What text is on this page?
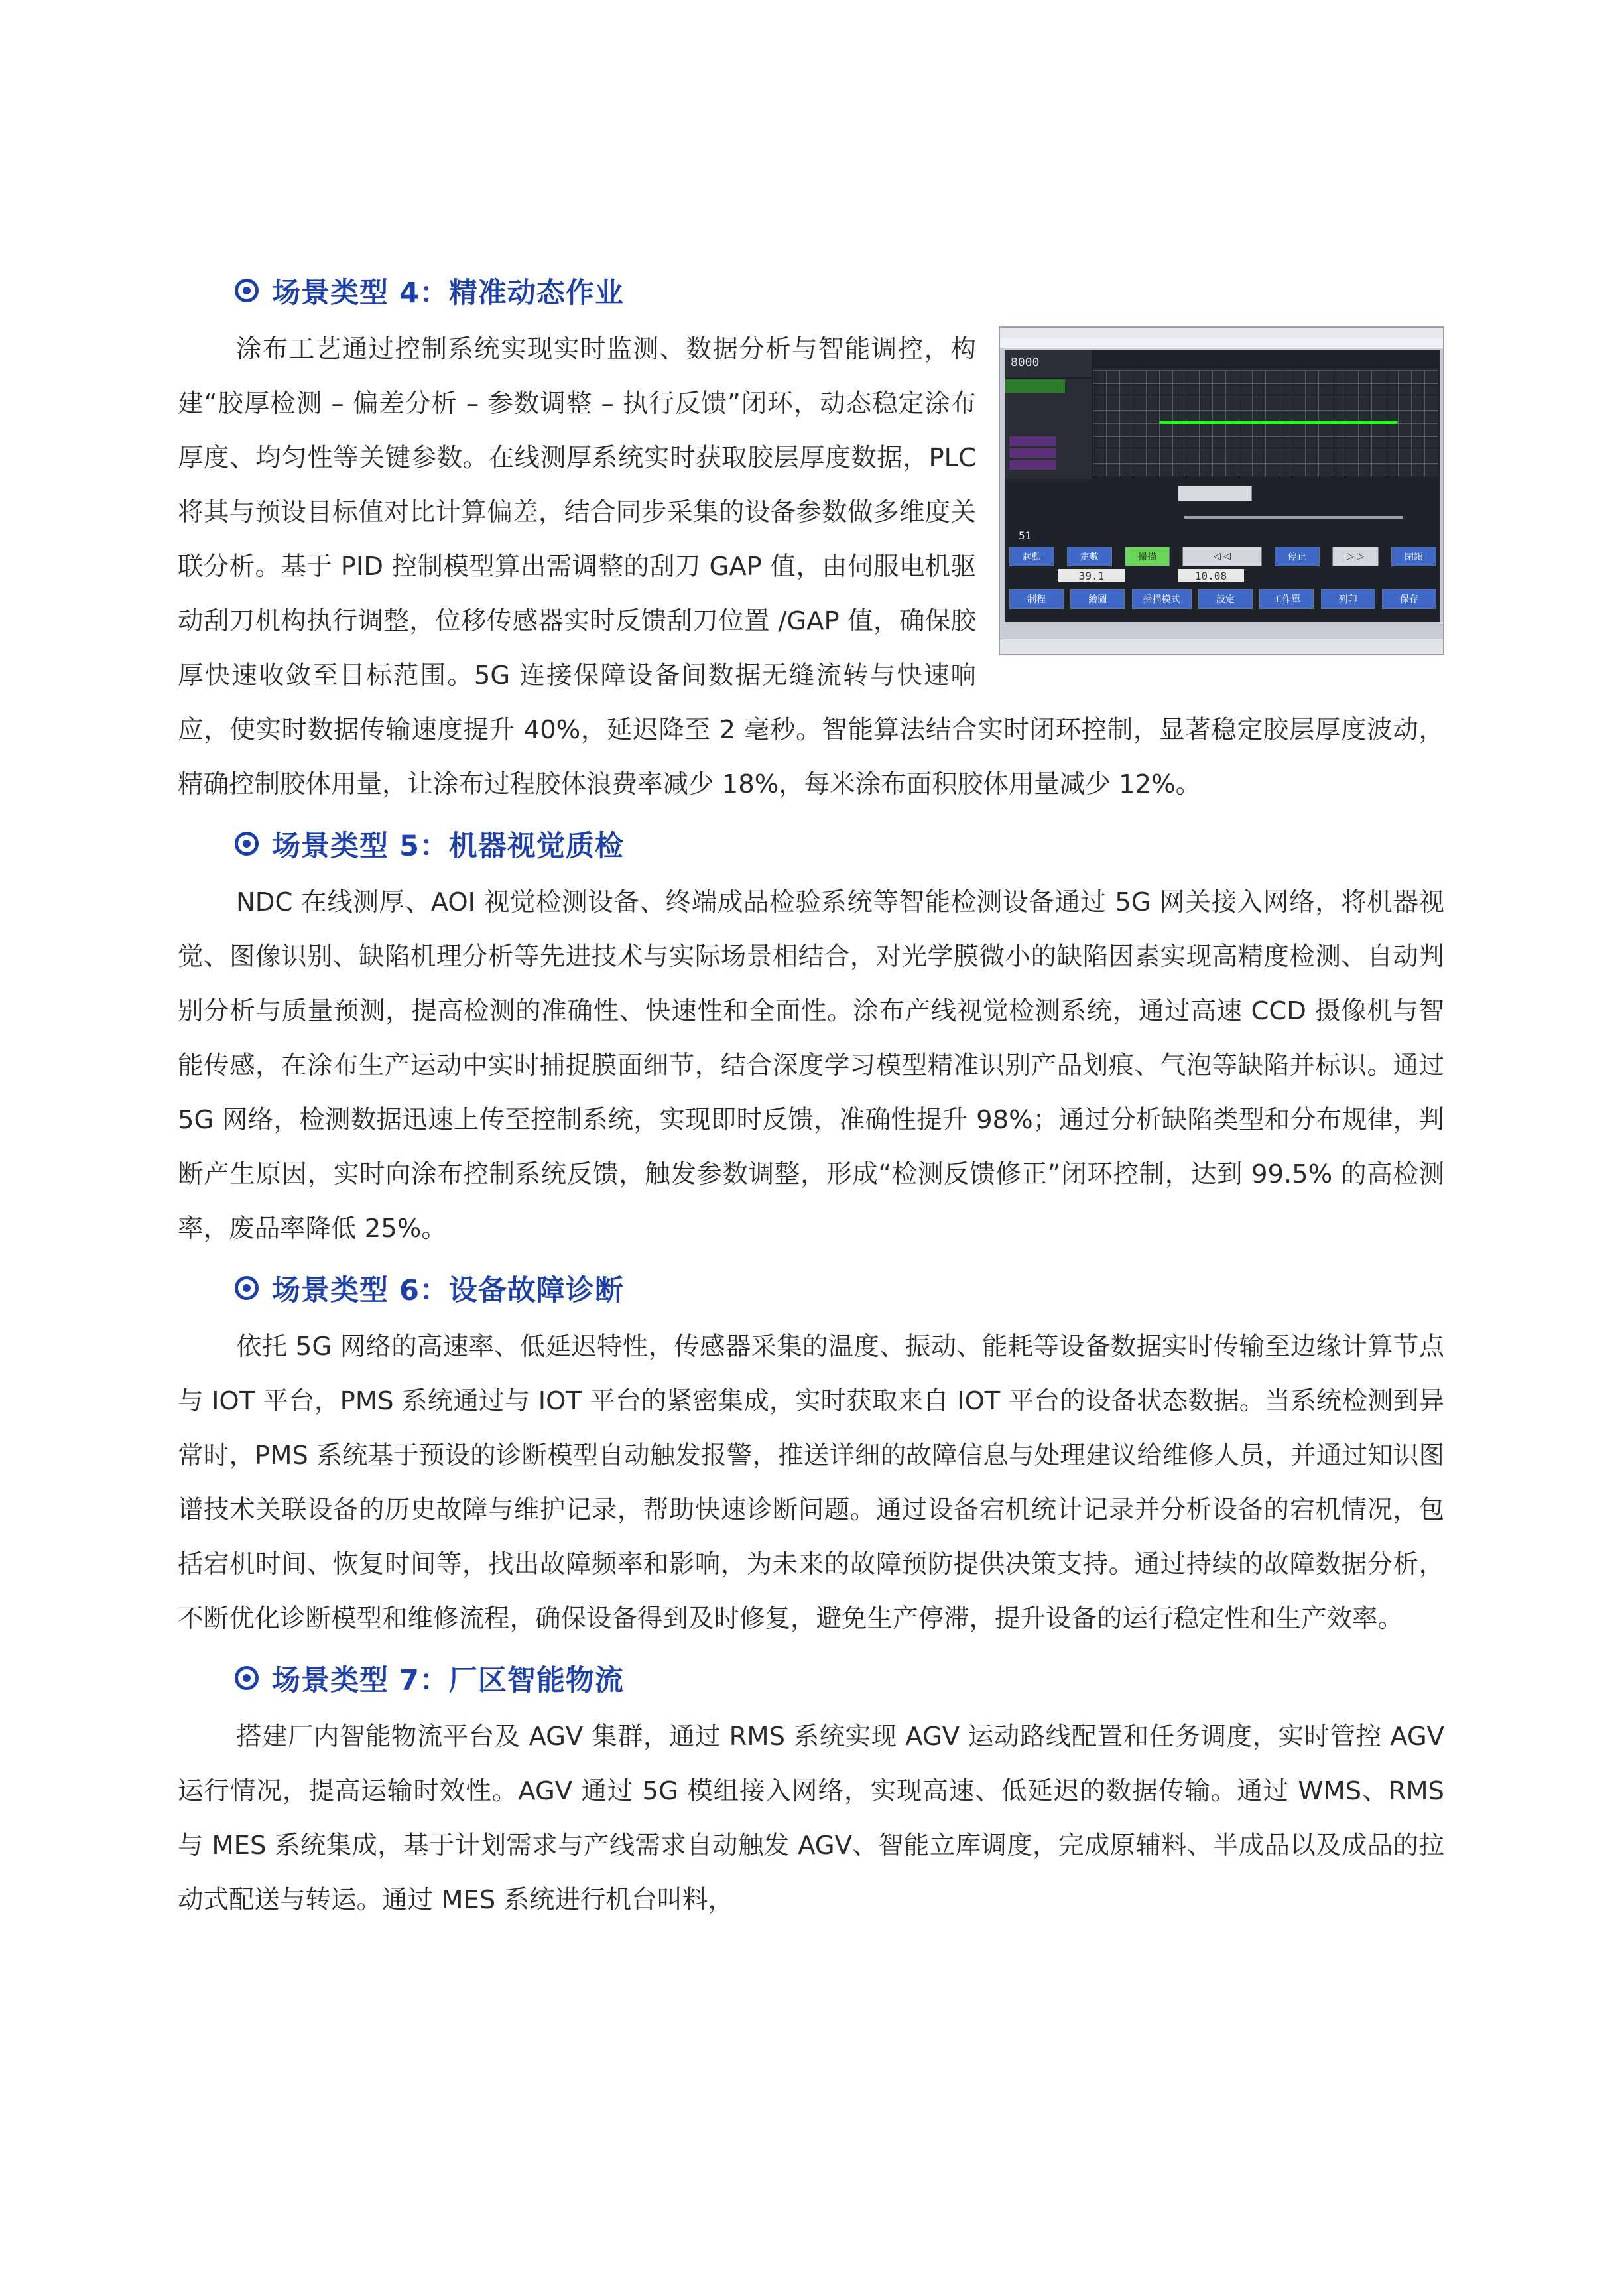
场景类型 4：精准动态作业
8000
51
起動	定數	掃描	◁ ◁	停止	▷ ▷	閉鎖
39.1	10.08
制程	繪圖	掃描模式	設定	工作單	列印	保存

涂布工艺通过控制系统实现实时监测、数据分析与智能调控，构建“胶厚检测 – 偏差分析 – 参数调整 – 执行反馈”闭环，动态稳定涂布厚度、均匀性等关键参数。在线测厚系统实时获取胶层厚度数据，PLC 将其与预设目标值对比计算偏差，结合同步采集的设备参数做多维度关联分析。基于 PID 控制模型算出需调整的刮刀 GAP 值，由伺服电机驱动刮刀机构执行调整，位移传感器实时反馈刮刀位置 /GAP 值，确保胶厚快速收敛至目标范围。5G 连接保障设备间数据无缝流转与快速响应，使实时数据传输速度提升 40%，延迟降至 2 毫秒。智能算法结合实时闭环控制，显著稳定胶层厚度波动，精确控制胶体用量，让涂布过程胶体浪费率减少 18%，每米涂布面积胶体用量减少 12%。

场景类型 5：机器视觉质检

NDC 在线测厚、AOI 视觉检测设备、终端成品检验系统等智能检测设备通过 5G 网关接入网络，将机器视觉、图像识别、缺陷机理分析等先进技术与实际场景相结合，对光学膜微小的缺陷因素实现高精度检测、自动判别分析与质量预测，提高检测的准确性、快速性和全面性。涂布产线视觉检测系统，通过高速 CCD 摄像机与智能传感，在涂布生产运动中实时捕捉膜面细节，结合深度学习模型精准识别产品划痕、气泡等缺陷并标识。通过 5G 网络，检测数据迅速上传至控制系统，实现即时反馈，准确性提升 98%；通过分析缺陷类型和分布规律，判断产生原因，实时向涂布控制系统反馈，触发参数调整，形成“检测反馈修正”闭环控制，达到 99.5% 的高检测率，废品率降低 25%。

场景类型 6：设备故障诊断

依托 5G 网络的高速率、低延迟特性，传感器采集的温度、振动、能耗等设备数据实时传输至边缘计算节点与 IOT 平台，PMS 系统通过与 IOT 平台的紧密集成，实时获取来自 IOT 平台的设备状态数据。当系统检测到异常时，PMS 系统基于预设的诊断模型自动触发报警，推送详细的故障信息与处理建议给维修人员，并通过知识图谱技术关联设备的历史故障与维护记录，帮助快速诊断问题。通过设备宕机统计记录并分析设备的宕机情况，包括宕机时间、恢复时间等，找出故障频率和影响，为未来的故障预防提供决策支持。通过持续的故障数据分析，不断优化诊断模型和维修流程，确保设备得到及时修复，避免生产停滞，提升设备的运行稳定性和生产效率。

场景类型 7：厂区智能物流

搭建厂内智能物流平台及 AGV 集群，通过 RMS 系统实现 AGV 运动路线配置和任务调度，实时管控 AGV 运行情况，提高运输时效性。AGV 通过 5G 模组接入网络，实现高速、低延迟的数据传输。通过 WMS、RMS 与 MES 系统集成，基于计划需求与产线需求自动触发 AGV、智能立库调度，完成原辅料、半成品以及成品的拉动式配送与转运。通过 MES 系统进行机台叫料，
